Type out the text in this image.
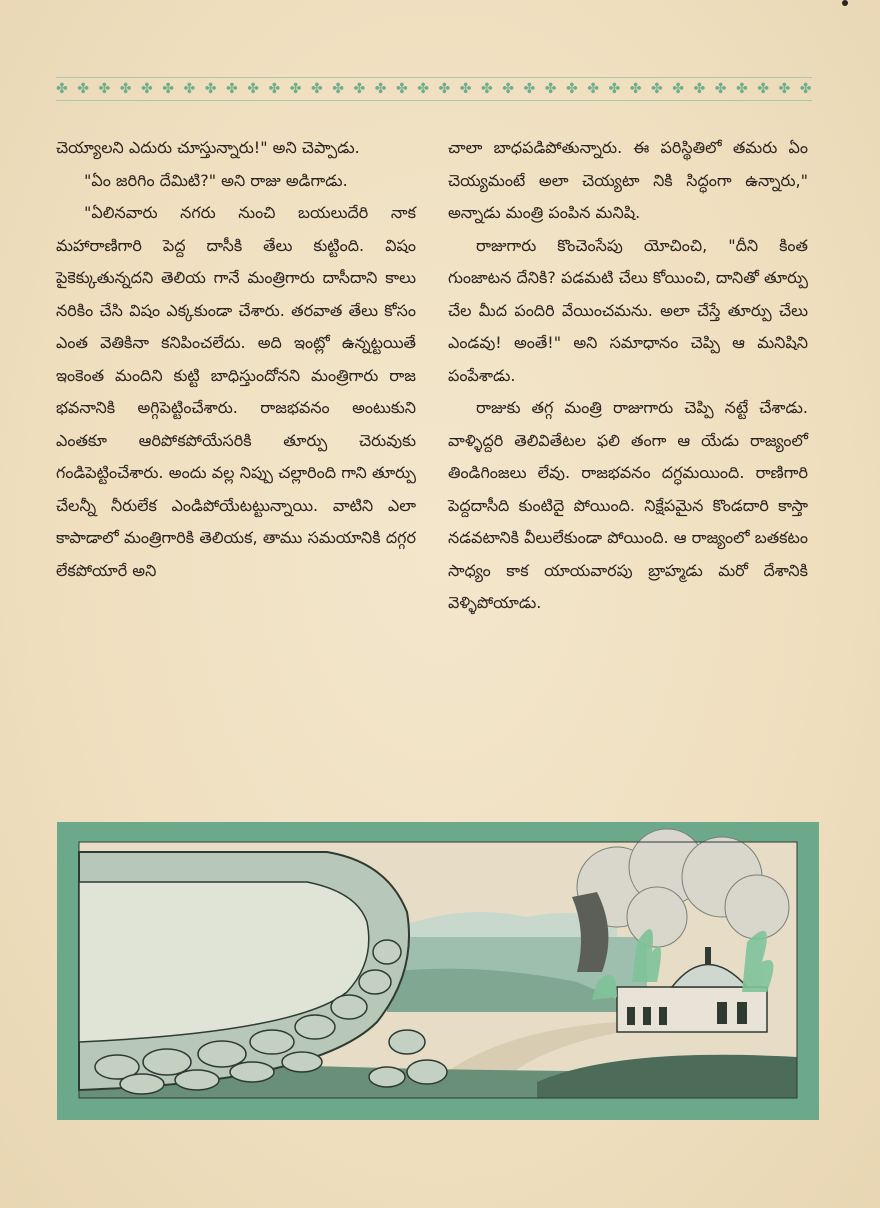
✤ ✤ ✤ ✤ ✤ ✤ ✤ ✤ ✤ ✤ ✤ ✤ ✤ ✤ ✤ ✤ ✤ ✤ ✤ ✤ ✤ ✤ ✤ ✤ ✤ ✤ ✤ ✤ ✤ ✤ ✤ ✤ ✤ ✤ ✤ ✤

చెయ్యాలని ఎదురు చూస్తున్నారు!" అని చెప్పాడు.

"ఏం జరిగిం దేమిటి?" అని రాజు అడిగాడు.

"ఏలినవారు నగరు నుంచి బయలుదేరి నాక మహారాణిగారి పెద్ద దాసీకి తేలు కుట్టింది. విషం పైకెక్కుతున్నదని తెలియ గానే మంత్రిగారు దాసీదాని కాలు నరికిం చేసి విషం ఎక్కకుండా చేశారు. తరవాత తేలు కోసం ఎంత వెతికినా కనిపించలేదు. అది ఇంట్లో ఉన్నట్టయితే ఇంకెంత మందిని కుట్టి బాధిస్తుందోనని మంత్రిగారు రాజ భవనానికి అగ్గిపెట్టించేశారు. రాజభవనం అంటుకుని ఎంతకూ ఆరిపోకపోయేసరికి తూర్పు చెరువుకు గండిపెట్టించేశారు. అందు వల్ల నిప్పు చల్లారింది గాని తూర్పు చేలన్నీ నీరులేక ఎండిపోయేటట్టున్నాయి. వాటిని ఎలా కాపాడాలో మంత్రిగారికి తెలియక, తాము సమయానికి దగ్గర లేకపోయారే అని

చాలా బాధపడిపోతున్నారు. ఈ పరిస్థితిలో తమరు ఏం చెయ్యమంటే అలా చెయ్యటా నికి సిద్ధంగా ఉన్నారు," అన్నాడు మంత్రి పంపిన మనిషి.

రాజుగారు కొంచెంసేపు యోచించి, "దీని కింత గుంజాటన దేనికి? పడమటి చేలు కోయించి, దానితో తూర్పు చేల మీద పందిరి వేయించమను. అలా చేస్తే తూర్పు చేలు ఎండవు! అంతే!" అని సమాధానం చెప్పి ఆ మనిషిని పంపేశాడు.

రాజుకు తగ్గ మంత్రి రాజుగారు చెప్పి నట్టే చేశాడు. వాళ్ళిద్దరి తెలివితేటల ఫలి తంగా ఆ యేడు రాజ్యంలో తిండిగింజలు లేవు. రాజభవనం దగ్ధమయింది. రాణిగారి పెద్దదాసీది కుంటిదై పోయింది. నిక్షేపమైన కొండదారి కాస్తా నడవటానికి వీలులేకుండా పోయింది. ఆ రాజ్యంలో బతకటం సాధ్యం కాక యాయవారపు బ్రాహ్మడు మరో దేశానికి వెళ్ళిపోయాడు.
